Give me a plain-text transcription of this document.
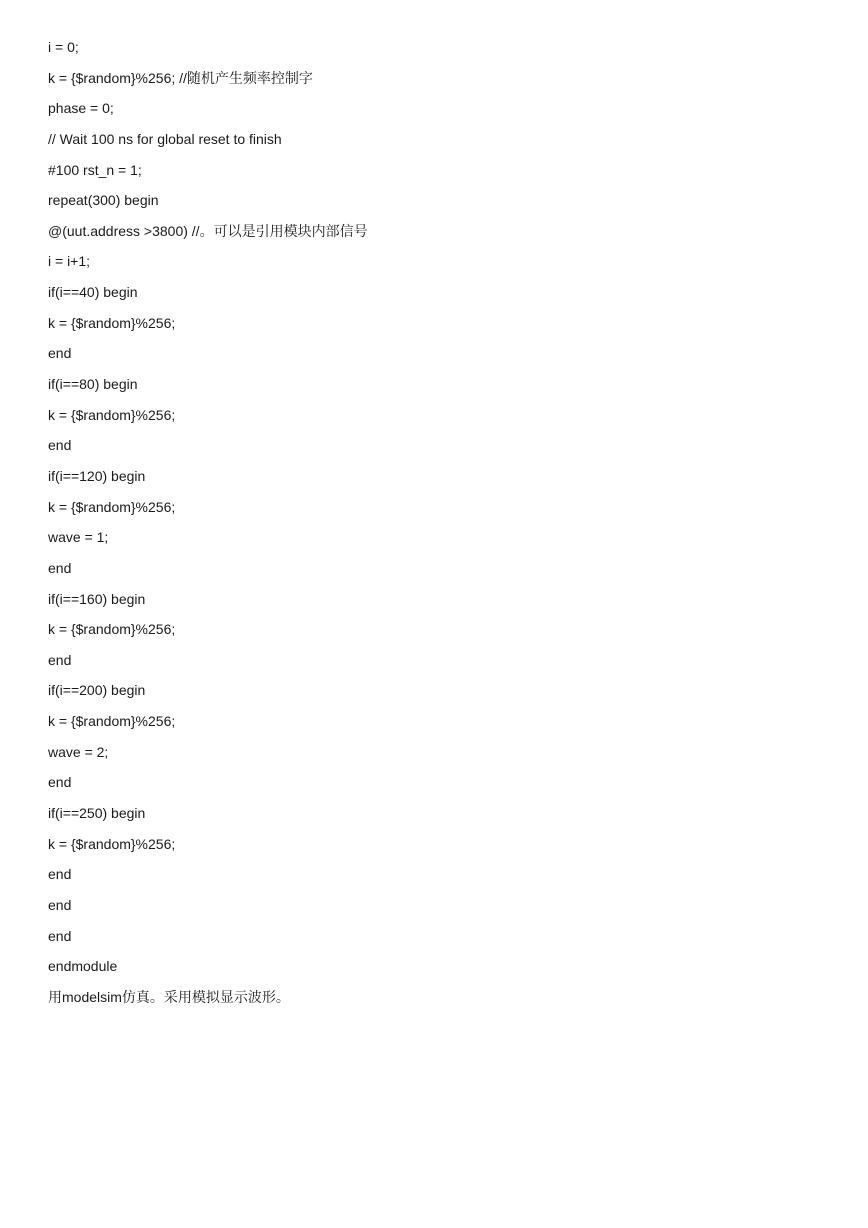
i = 0;
k = {$random}%256; //随机产生频率控制字
phase = 0;
// Wait 100 ns for global reset to finish
#100 rst_n = 1;
repeat(300) begin
@(uut.address >3800) //。可以是引用模块内部信号
i = i+1;
if(i==40) begin
k = {$random}%256;
end
if(i==80) begin
k = {$random}%256;
end
if(i==120) begin
k = {$random}%256;
wave = 1;
end
if(i==160) begin
k = {$random}%256;
end
if(i==200) begin
k = {$random}%256;
wave = 2;
end
if(i==250) begin
k = {$random}%256;
end
end
end
endmodule
用modelsim仿真。采用模拟显示波形。
